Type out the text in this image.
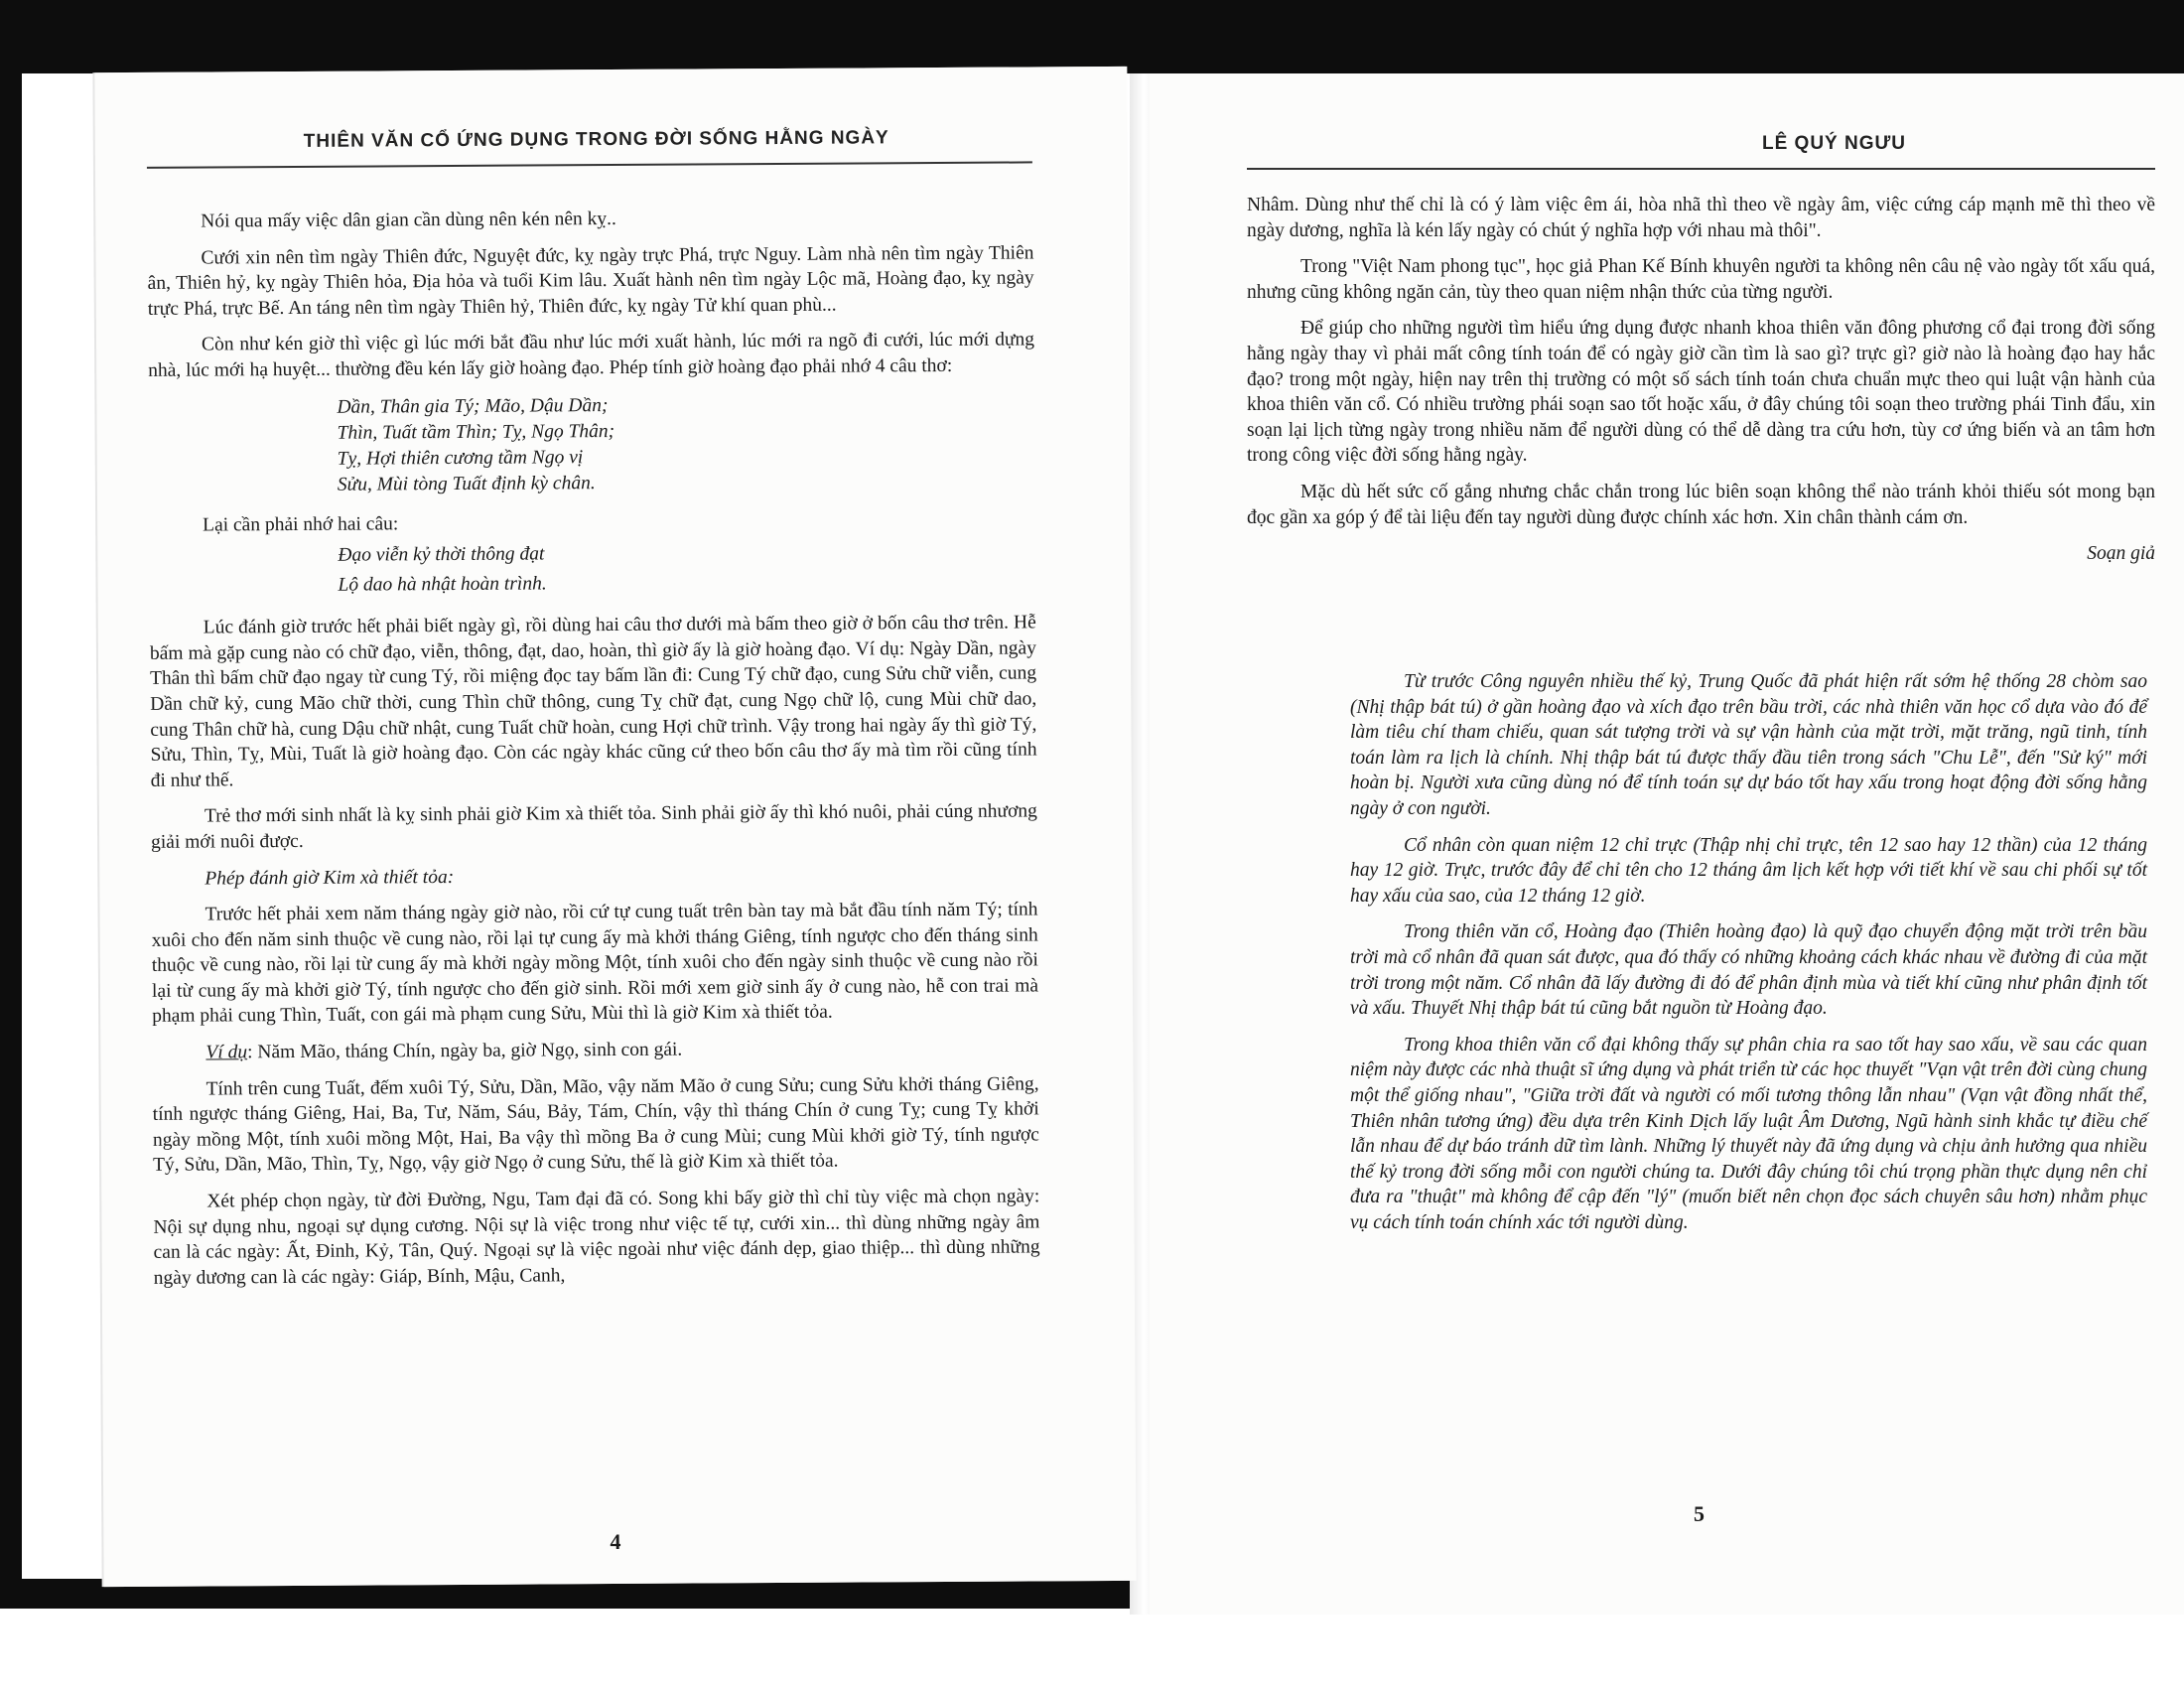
THIÊN VĂN CỔ ỨNG DỤNG TRONG ĐỜI SỐNG HẰNG NGÀY

Nói qua mấy việc dân gian cần dùng nên kén nên kỵ..

Cưới xin nên tìm ngày Thiên đức, Nguyệt đức, kỵ ngày trực Phá, trực Nguy. Làm nhà nên tìm ngày Thiên ân, Thiên hỷ, kỵ ngày Thiên hỏa, Địa hỏa và tuổi Kim lâu. Xuất hành nên tìm ngày Lộc mã, Hoàng đạo, kỵ ngày trực Phá, trực Bế. An táng nên tìm ngày Thiên hỷ, Thiên đức, kỵ ngày Tử khí quan phù...

Còn như kén giờ thì việc gì lúc mới bắt đầu như lúc mới xuất hành, lúc mới ra ngõ đi cưới, lúc mới dựng nhà, lúc mới hạ huyệt... thường đều kén lấy giờ hoàng đạo. Phép tính giờ hoàng đạo phải nhớ 4 câu thơ:

Dần, Thân gia Tý; Mão, Dậu Dần;
Thìn, Tuất tầm Thìn; Tỵ, Ngọ Thân;
Tỵ, Hợi thiên cương tầm Ngọ vị
Sửu, Mùi tòng Tuất định kỳ chân.

Lại cần phải nhớ hai câu:

Đạo viễn kỷ thời thông đạt
Lộ dao hà nhật hoàn trình.

Lúc đánh giờ trước hết phải biết ngày gì, rồi dùng hai câu thơ dưới mà bấm theo giờ ở bốn câu thơ trên. Hễ bấm mà gặp cung nào có chữ đạo, viễn, thông, đạt, dao, hoàn, thì giờ ấy là giờ hoàng đạo. Ví dụ: Ngày Dần, ngày Thân thì bấm chữ đạo ngay từ cung Tý, rồi miệng đọc tay bấm lần đi: Cung Tý chữ đạo, cung Sửu chữ viễn, cung Dần chữ kỷ, cung Mão chữ thời, cung Thìn chữ thông, cung Tỵ chữ đạt, cung Ngọ chữ lộ, cung Mùi chữ dao, cung Thân chữ hà, cung Dậu chữ nhật, cung Tuất chữ hoàn, cung Hợi chữ trình. Vậy trong hai ngày ấy thì giờ Tý, Sửu, Thìn, Tỵ, Mùi, Tuất là giờ hoàng đạo. Còn các ngày khác cũng cứ theo bốn câu thơ ấy mà tìm rồi cũng tính đi như thế.

Trẻ thơ mới sinh nhất là kỵ sinh phải giờ Kim xà thiết tỏa. Sinh phải giờ ấy thì khó nuôi, phải cúng nhương giải mới nuôi được.

Phép đánh giờ Kim xà thiết tỏa:

Trước hết phải xem năm tháng ngày giờ nào, rồi cứ tự cung tuất trên bàn tay mà bắt đầu tính năm Tý; tính xuôi cho đến năm sinh thuộc về cung nào, rồi lại tự cung ấy mà khởi tháng Giêng, tính ngược cho đến tháng sinh thuộc về cung nào, rồi lại từ cung ấy mà khởi ngày mồng Một, tính xuôi cho đến ngày sinh thuộc về cung nào rồi lại từ cung ấy mà khởi giờ Tý, tính ngược cho đến giờ sinh. Rồi mới xem giờ sinh ấy ở cung nào, hễ con trai mà phạm phải cung Thìn, Tuất, con gái mà phạm cung Sửu, Mùi thì là giờ Kim xà thiết tỏa.

Ví dụ: Năm Mão, tháng Chín, ngày ba, giờ Ngọ, sinh con gái.

Tính trên cung Tuất, đếm xuôi Tý, Sửu, Dần, Mão, vậy năm Mão ở cung Sửu; cung Sửu khởi tháng Giêng, tính ngược tháng Giêng, Hai, Ba, Tư, Năm, Sáu, Bảy, Tám, Chín, vậy thì tháng Chín ở cung Tỵ; cung Tỵ khởi ngày mồng Một, tính xuôi mồng Một, Hai, Ba vậy thì mồng Ba ở cung Mùi; cung Mùi khởi giờ Tý, tính ngược Tý, Sửu, Dần, Mão, Thìn, Tỵ, Ngọ, vậy giờ Ngọ ở cung Sửu, thế là giờ Kim xà thiết tỏa.

Xét phép chọn ngày, từ đời Đường, Ngu, Tam đại đã có. Song khi bấy giờ thì chỉ tùy việc mà chọn ngày: Nội sự dụng nhu, ngoại sự dụng cương. Nội sự là việc trong như việc tế tự, cưới xin... thì dùng những ngày âm can là các ngày: Ất, Đinh, Kỷ, Tân, Quý. Ngoại sự là việc ngoài như việc đánh dẹp, giao thiệp... thì dùng những ngày dương can là các ngày: Giáp, Bính, Mậu, Canh,

4
LÊ QUÝ NGƯU

Nhâm. Dùng như thế chỉ là có ý làm việc êm ái, hòa nhã thì theo về ngày âm, việc cứng cáp mạnh mẽ thì theo về ngày dương, nghĩa là kén lấy ngày có chút ý nghĩa hợp với nhau mà thôi".

Trong "Việt Nam phong tục", học giả Phan Kế Bính khuyên người ta không nên câu nệ vào ngày tốt xấu quá, nhưng cũng không ngăn cản, tùy theo quan niệm nhận thức của từng người.

Để giúp cho những người tìm hiểu ứng dụng được nhanh khoa thiên văn đông phương cổ đại trong đời sống hằng ngày thay vì phải mất công tính toán để có ngày giờ cần tìm là sao gì? trực gì? giờ nào là hoàng đạo hay hắc đạo? trong một ngày, hiện nay trên thị trường có một số sách tính toán chưa chuẩn mực theo qui luật vận hành của khoa thiên văn cổ. Có nhiều trường phái soạn sao tốt hoặc xấu, ở đây chúng tôi soạn theo trường phái Tinh đẩu, xin soạn lại lịch từng ngày trong nhiều năm để người dùng có thể dễ dàng tra cứu hơn, tùy cơ ứng biến và an tâm hơn trong công việc đời sống hằng ngày.

Mặc dù hết sức cố gắng nhưng chắc chắn trong lúc biên soạn không thể nào tránh khỏi thiếu sót mong bạn đọc gần xa góp ý để tài liệu đến tay người dùng được chính xác hơn. Xin chân thành cám ơn.

Soạn giả

Từ trước Công nguyên nhiều thế kỷ, Trung Quốc đã phát hiện rất sớm hệ thống 28 chòm sao (Nhị thập bát tú) ở gần hoàng đạo và xích đạo trên bầu trời, các nhà thiên văn học cổ dựa vào đó để làm tiêu chí tham chiếu, quan sát tượng trời và sự vận hành của mặt trời, mặt trăng, ngũ tinh, tính toán làm ra lịch là chính. Nhị thập bát tú được thấy đầu tiên trong sách "Chu Lễ", đến "Sử ký" mới hoàn bị. Người xưa cũng dùng nó để tính toán sự dự báo tốt hay xấu trong hoạt động đời sống hằng ngày ở con người.

Cổ nhân còn quan niệm 12 chỉ trực (Thập nhị chỉ trực, tên 12 sao hay 12 thần) của 12 tháng hay 12 giờ. Trực, trước đây để chỉ tên cho 12 tháng âm lịch kết hợp với tiết khí về sau chi phối sự tốt hay xấu của sao, của 12 tháng 12 giờ.

Trong thiên văn cổ, Hoàng đạo (Thiên hoàng đạo) là quỹ đạo chuyển động mặt trời trên bầu trời mà cổ nhân đã quan sát được, qua đó thấy có những khoảng cách khác nhau về đường đi của mặt trời trong một năm. Cổ nhân đã lấy đường đi đó để phân định mùa và tiết khí cũng như phân định tốt và xấu. Thuyết Nhị thập bát tú cũng bắt nguồn từ Hoàng đạo.

Trong khoa thiên văn cổ đại không thấy sự phân chia ra sao tốt hay sao xấu, về sau các quan niệm này được các nhà thuật sĩ ứng dụng và phát triển từ các học thuyết "Vạn vật trên đời cùng chung một thể giống nhau", "Giữa trời đất và người có mối tương thông lẫn nhau" (Vạn vật đồng nhất thể, Thiên nhân tương ứng) đều dựa trên Kinh Dịch lấy luật Âm Dương, Ngũ hành sinh khắc tự điều chế lẫn nhau để dự báo tránh dữ tìm lành. Những lý thuyết này đã ứng dụng và chịu ảnh hưởng qua nhiều thế kỷ trong đời sống mỗi con người chúng ta. Dưới đây chúng tôi chú trọng phần thực dụng nên chỉ đưa ra "thuật" mà không để cập đến "lý" (muốn biết nên chọn đọc sách chuyên sâu hơn) nhằm phục vụ cách tính toán chính xác tới người dùng.

5
